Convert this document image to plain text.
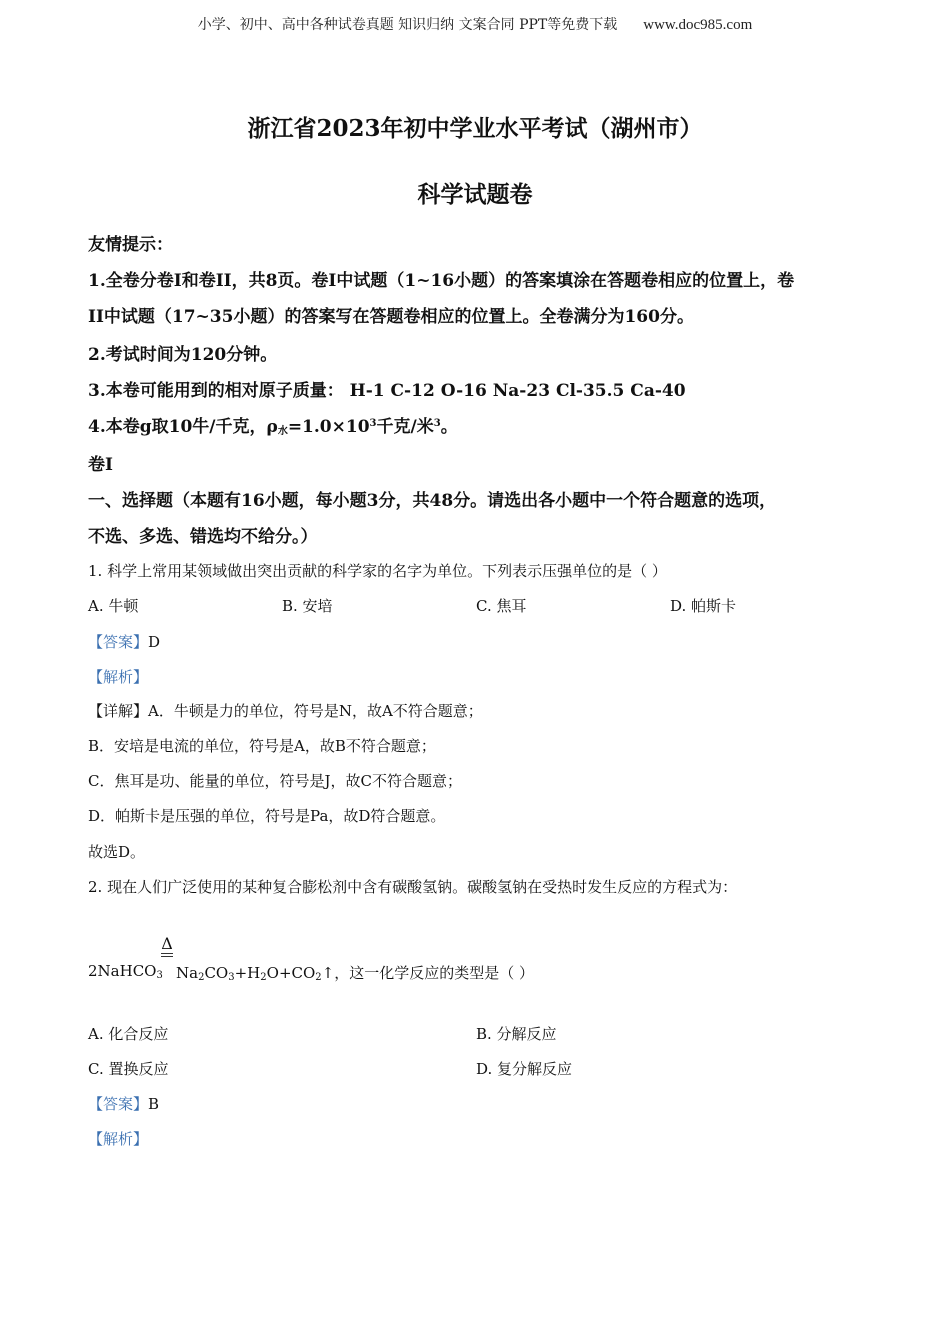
小学、初中、高中各种试卷真题 知识归纳 文案合同 PPT等免费下载 www.doc985.com
浙江省2023年初中学业水平考试（湖州市）
科学试题卷
友情提示：
1.全卷分卷I和卷II，共8页。卷I中试题（1~16小题）的答案填涂在答题卷相应的位置上，卷
II中试题（17~35小题）的答案写在答题卷相应的位置上。全卷满分为160分。
2.考试时间为120分钟。
3.本卷可能用到的相对原子质量： H-1 C-12 O-16 Na-23 Cl-35.5 Ca-40
4.本卷g取10牛/千克，$\rho_水=1.0\times 10^3$千克/米$^3$。
卷I
一、选择题（本题有16小题，每小题3分，共48分。请选出各小题中一个符合题意的选项，
不选、多选、错选均不给分。）
1. 科学上常用某领域做出突出贡献的科学家的名字为单位。下列表示压强单位的是（ ）
A. 牛顿	B. 安培	C. 焦耳	D. 帕斯卡
【答案】D
【解析】
【详解】A．牛顿是力的单位，符号是N，故A不符合题意；
B．安培是电流的单位，符号是A，故B不符合题意；
C．焦耳是功、能量的单位，符号是J，故C不符合题意；
D．帕斯卡是压强的单位，符号是Pa，故D符合题意。
故选D。
2. 现在人们广泛使用的某种复合膨松剂中含有碳酸氢钠。碳酸氢钠在受热时发生反应的方程式为：
Δ
2NaHCO$_3$ $Na_2CO_3+H_2O+CO_2↑$，这一化学反应的类型是（ ）
A. 化合反应	B. 分解反应
C. 置换反应	D. 复分解反应
【答案】B
【解析】
